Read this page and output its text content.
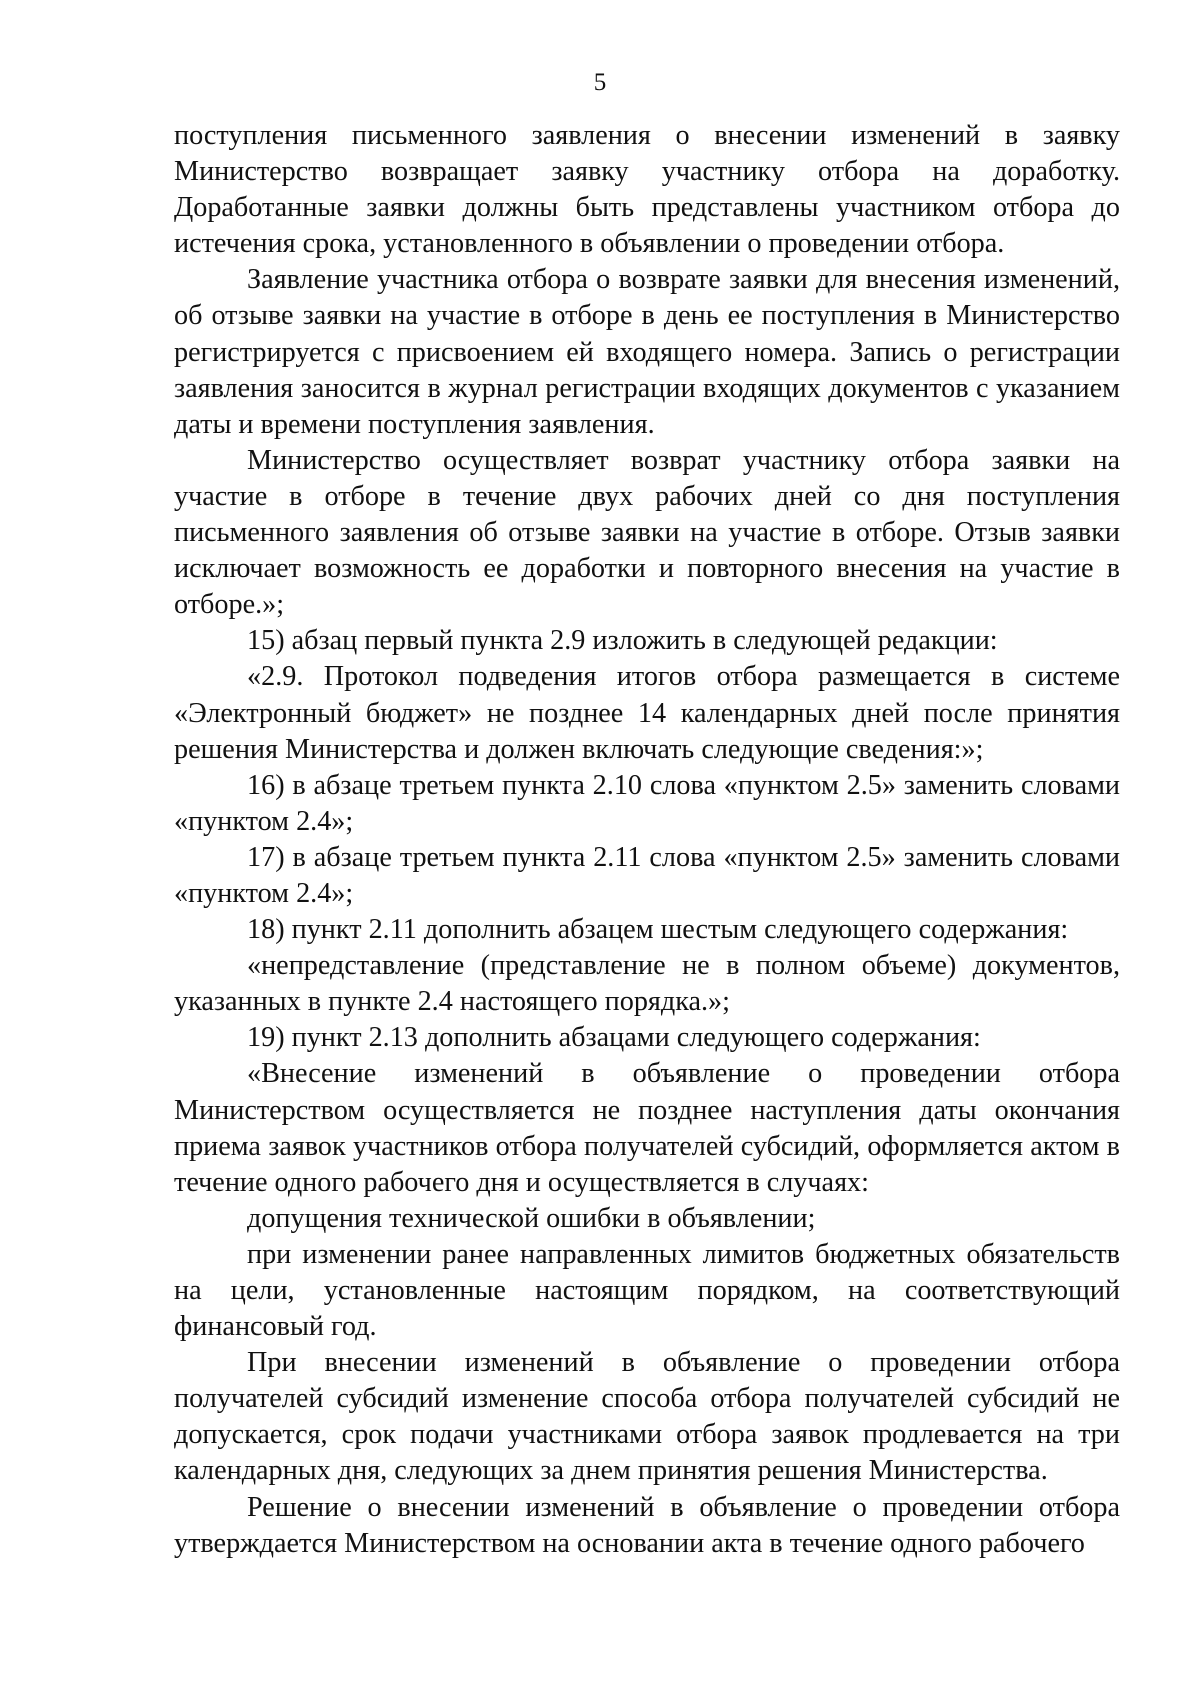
5

поступления письменного заявления о внесении изменений в заявку Министерство возвращает заявку участнику отбора на доработку. Доработанные заявки должны быть представлены участником отбора до истечения срока, установленного в объявлении о проведении отбора.

Заявление участника отбора о возврате заявки для внесения изменений, об отзыве заявки на участие в отборе в день ее поступления в Министерство регистрируется с присвоением ей входящего номера. Запись о регистрации заявления заносится в журнал регистрации входящих документов с указанием даты и времени поступления заявления.

Министерство осуществляет возврат участнику отбора заявки на участие в отборе в течение двух рабочих дней со дня поступления письменного заявления об отзыве заявки на участие в отборе. Отзыв заявки исключает возможность ее доработки и повторного внесения на участие в отборе.»;

15) абзац первый пункта 2.9 изложить в следующей редакции:

«2.9. Протокол подведения итогов отбора размещается в системе «Электронный бюджет» не позднее 14 календарных дней после принятия решения Министерства и должен включать следующие сведения:»;

16) в абзаце третьем пункта 2.10 слова «пунктом 2.5» заменить словами «пунктом 2.4»;

17) в абзаце третьем пункта 2.11 слова «пунктом 2.5» заменить словами «пунктом 2.4»;

18) пункт 2.11 дополнить абзацем шестым следующего содержания:

«непредставление (представление не в полном объеме) документов, указанных в пункте 2.4 настоящего порядка.»;

19) пункт 2.13 дополнить абзацами следующего содержания:

«Внесение изменений в объявление о проведении отбора Министерством осуществляется не позднее наступления даты окончания приема заявок участников отбора получателей субсидий, оформляется актом в течение одного рабочего дня и осуществляется в случаях:

допущения технической ошибки в объявлении;

при изменении ранее направленных лимитов бюджетных обязательств на цели, установленные настоящим порядком, на соответствующий финансовый год.

При внесении изменений в объявление о проведении отбора получателей субсидий изменение способа отбора получателей субсидий не допускается, срок подачи участниками отбора заявок продлевается на три календарных дня, следующих за днем принятия решения Министерства.

Решение о внесении изменений в объявление о проведении отбора утверждается Министерством на основании акта в течение одного рабочего
